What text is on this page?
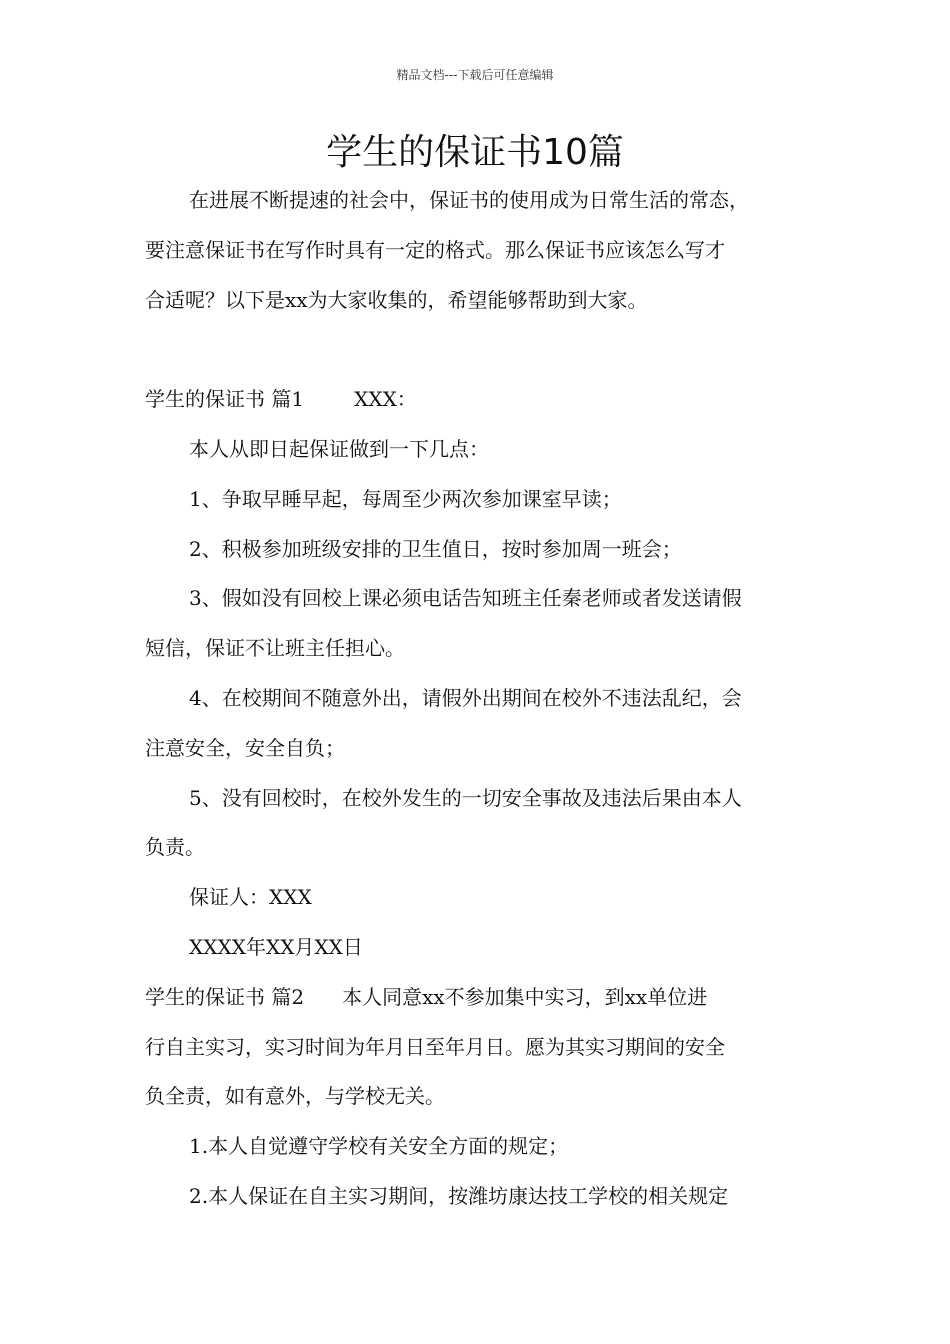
精品文档---下载后可任意编辑
学生的保证书10篇
在进展不断提速的社会中，保证书的使用成为日常生活的常态，
要注意保证书在写作时具有一定的格式。那么保证书应该怎么写才
合适呢？以下是xx为大家收集的，希望能够帮助到大家。
学生的保证书 篇1	XXX：
本人从即日起保证做到一下几点：
1、争取早睡早起，每周至少两次参加课室早读；
2、积极参加班级安排的卫生值日，按时参加周一班会；
3、假如没有回校上课必须电话告知班主任秦老师或者发送请假
短信，保证不让班主任担心。
4、在校期间不随意外出，请假外出期间在校外不违法乱纪，会
注意安全，安全自负；
5、没有回校时，在校外发生的一切安全事故及违法后果由本人
负责。
保证人：XXX
XXXX年XX月XX日
学生的保证书 篇2 本人同意xx不参加集中实习，到xx单位进
行自主实习，实习时间为年月日至年月日。愿为其实习期间的安全
负全责，如有意外，与学校无关。
1.本人自觉遵守学校有关安全方面的规定；
2.本人保证在自主实习期间，按潍坊康达技工学校的相关规定
